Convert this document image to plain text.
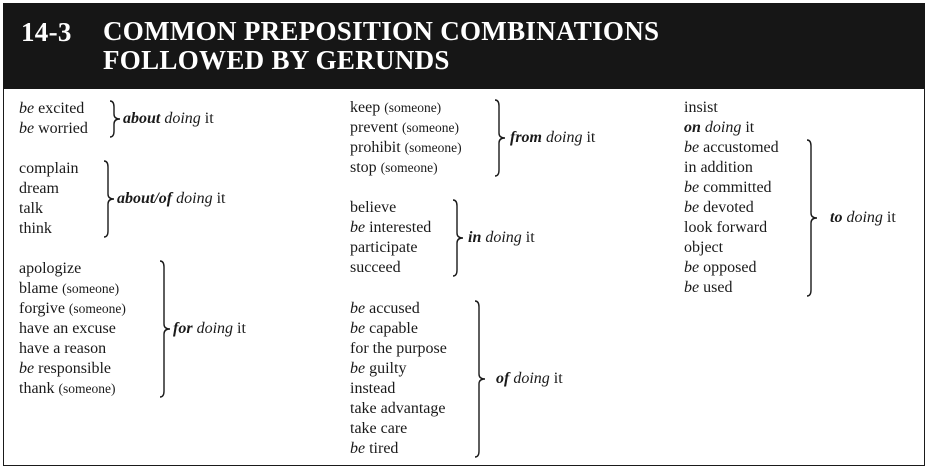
14-3 COMMON PREPOSITION COMBINATIONS
FOLLOWED BY GERUNDS
be excited
be worried
about doing it
complain
dream
talk
think
about/of doing it
apologize
blame (someone)
forgive (someone)
have an excuse
have a reason
be responsible
thank (someone)
for doing it
keep (someone)
prevent (someone)
prohibit (someone)
stop (someone)
from doing it
believe
be interested
participate
succeed
in doing it
be accused
be capable
for the purpose
be guilty
instead
take advantage
take care
be tired
of doing it
insist
on doing it
be accustomed
in addition
be committed
be devoted
look forward
object
be opposed
be used
to doing it
